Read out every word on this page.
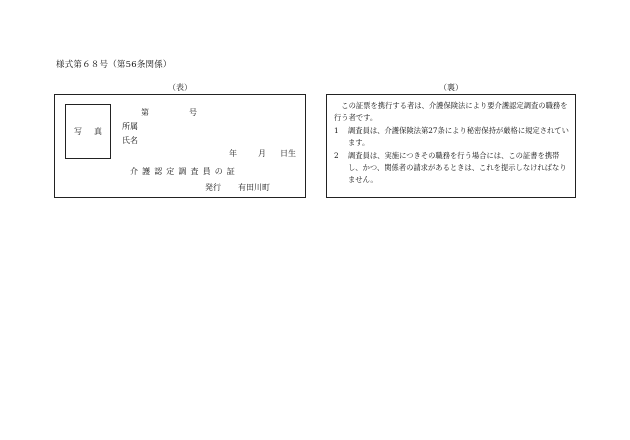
様式第６８号（第56条関係）
（表）	（裏）
写 真
第	号
所属
氏名
年	月 日生
介護認定調査員の証
発行 有田川町

この証票を携行する者は、介護保険法により要介護認定調査の職務を行う者です。

1 調査員は、介護保険法第27条により秘密保持が厳格に規定されています。

2 調査員は、実施につきその職務を行う場合には、この証書を携帯し、かつ、関係者の請求があるときは、これを提示しなければなりません。
